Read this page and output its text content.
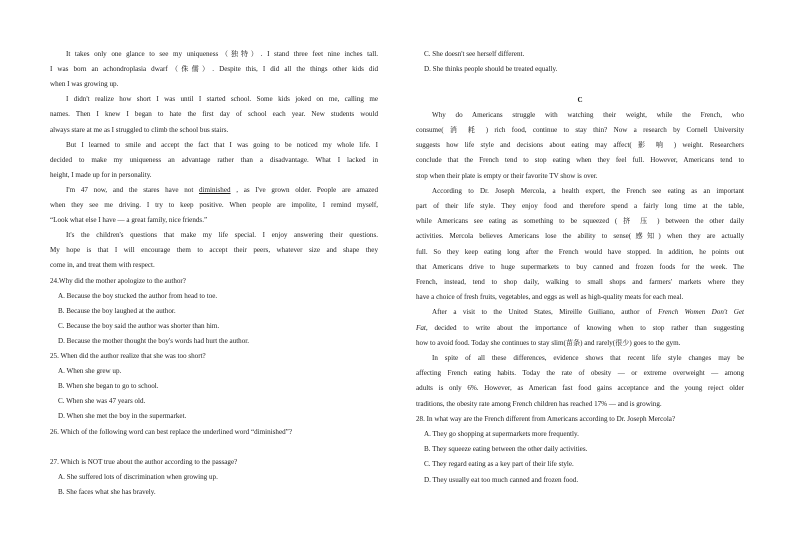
It takes only one glance to see my uniqueness（独特）. I stand three feet nine inches tall.
I was born an achondroplasia dwarf（侏儒）. Despite this, I did all the things other kids did
when I was growing up.
I didn't realize how short I was until I started school. Some kids joked on me, calling me
names. Then I knew I began to hate the first day of school each year. New students would
always stare at me as I struggled to climb the school bus stairs.
But I learned to smile and accept the fact that I was going to be noticed my whole life. I
decided to make my uniqueness an advantage rather than a disadvantage. What I lacked in
height, I made up for in personality.
I'm 47 now, and the stares have not diminished , as I've grown older. People are amazed
when they see me driving. I try to keep positive. When people are impolite, I remind myself,
“Look what else I have — a great family, nice friends.”
It's the children's questions that make my life special. I enjoy answering their questions.
My hope is that I will encourage them to accept their peers, whatever size and shape they
come in, and treat them with respect.
24.Why did the mother apologize to the author?
A. Because the boy stucked the author from head to toe.
B. Because the boy laughed at the author.
C. Because the boy said the author was shorter than him.
D. Because the mother thought the boy's words had hurt the author.
25. When did the author realize that she was too short?
A. When she grew up.
B. When she began to go to school.
C. When she was 47 years old.
D. When she met the boy in the supermarket.
26. Which of the following word can best replace the underlined word “diminished”?
27. Which is NOT true about the author according to the passage?
A. She suffered lots of discrimination when growing up.
B. She faces what she has bravely.
C. She doesn't see herself different.
D. She thinks people should be treated equally.
C
Why do Americans struggle with watching their weight, while the French, who
consume( 消 耗 ) rich food, continue to stay thin? Now a research by Cornell University
suggests how life style and decisions about eating may affect( 影 响 ) weight. Researchers
conclude that the French tend to stop eating when they feel full. However, Americans tend to
stop when their plate is empty or their favorite TV show is over.
According to Dr. Joseph Mercola, a health expert, the French see eating as an important
part of their life style. They enjoy food and therefore spend a fairly long time at the table,
while Americans see eating as something to be squeezed ( 挤 压 ) between the other daily
activities. Mercola believes Americans lose the ability to sense(感知) when they are actually
full. So they keep eating long after the French would have stopped. In addition, he points out
that Americans drive to huge supermarkets to buy canned and frozen foods for the week. The
French, instead, tend to shop daily, walking to small shops and farmers' markets where they
have a choice of fresh fruits, vegetables, and eggs as well as high-quality meats for each meal.
After a visit to the United States, Mireille Guiliano, author of French Women Don't Get
Fat, decided to write about the importance of knowing when to stop rather than suggesting
how to avoid food. Today she continues to stay slim(苗条) and rarely(很少) goes to the gym.
In spite of all these differences, evidence shows that recent life style changes may be
affecting French eating habits. Today the rate of obesity — or extreme overweight — among
adults is only 6%. However, as American fast food gains acceptance and the young reject older
traditions, the obesity rate among French children has reached 17% — and is growing.
28. In what way are the French different from Americans according to Dr. Joseph Mercola?
A. They go shopping at supermarkets more frequently.
B. They squeeze eating between the other daily activities.
C. They regard eating as a key part of their life style.
D. They usually eat too much canned and frozen food.
